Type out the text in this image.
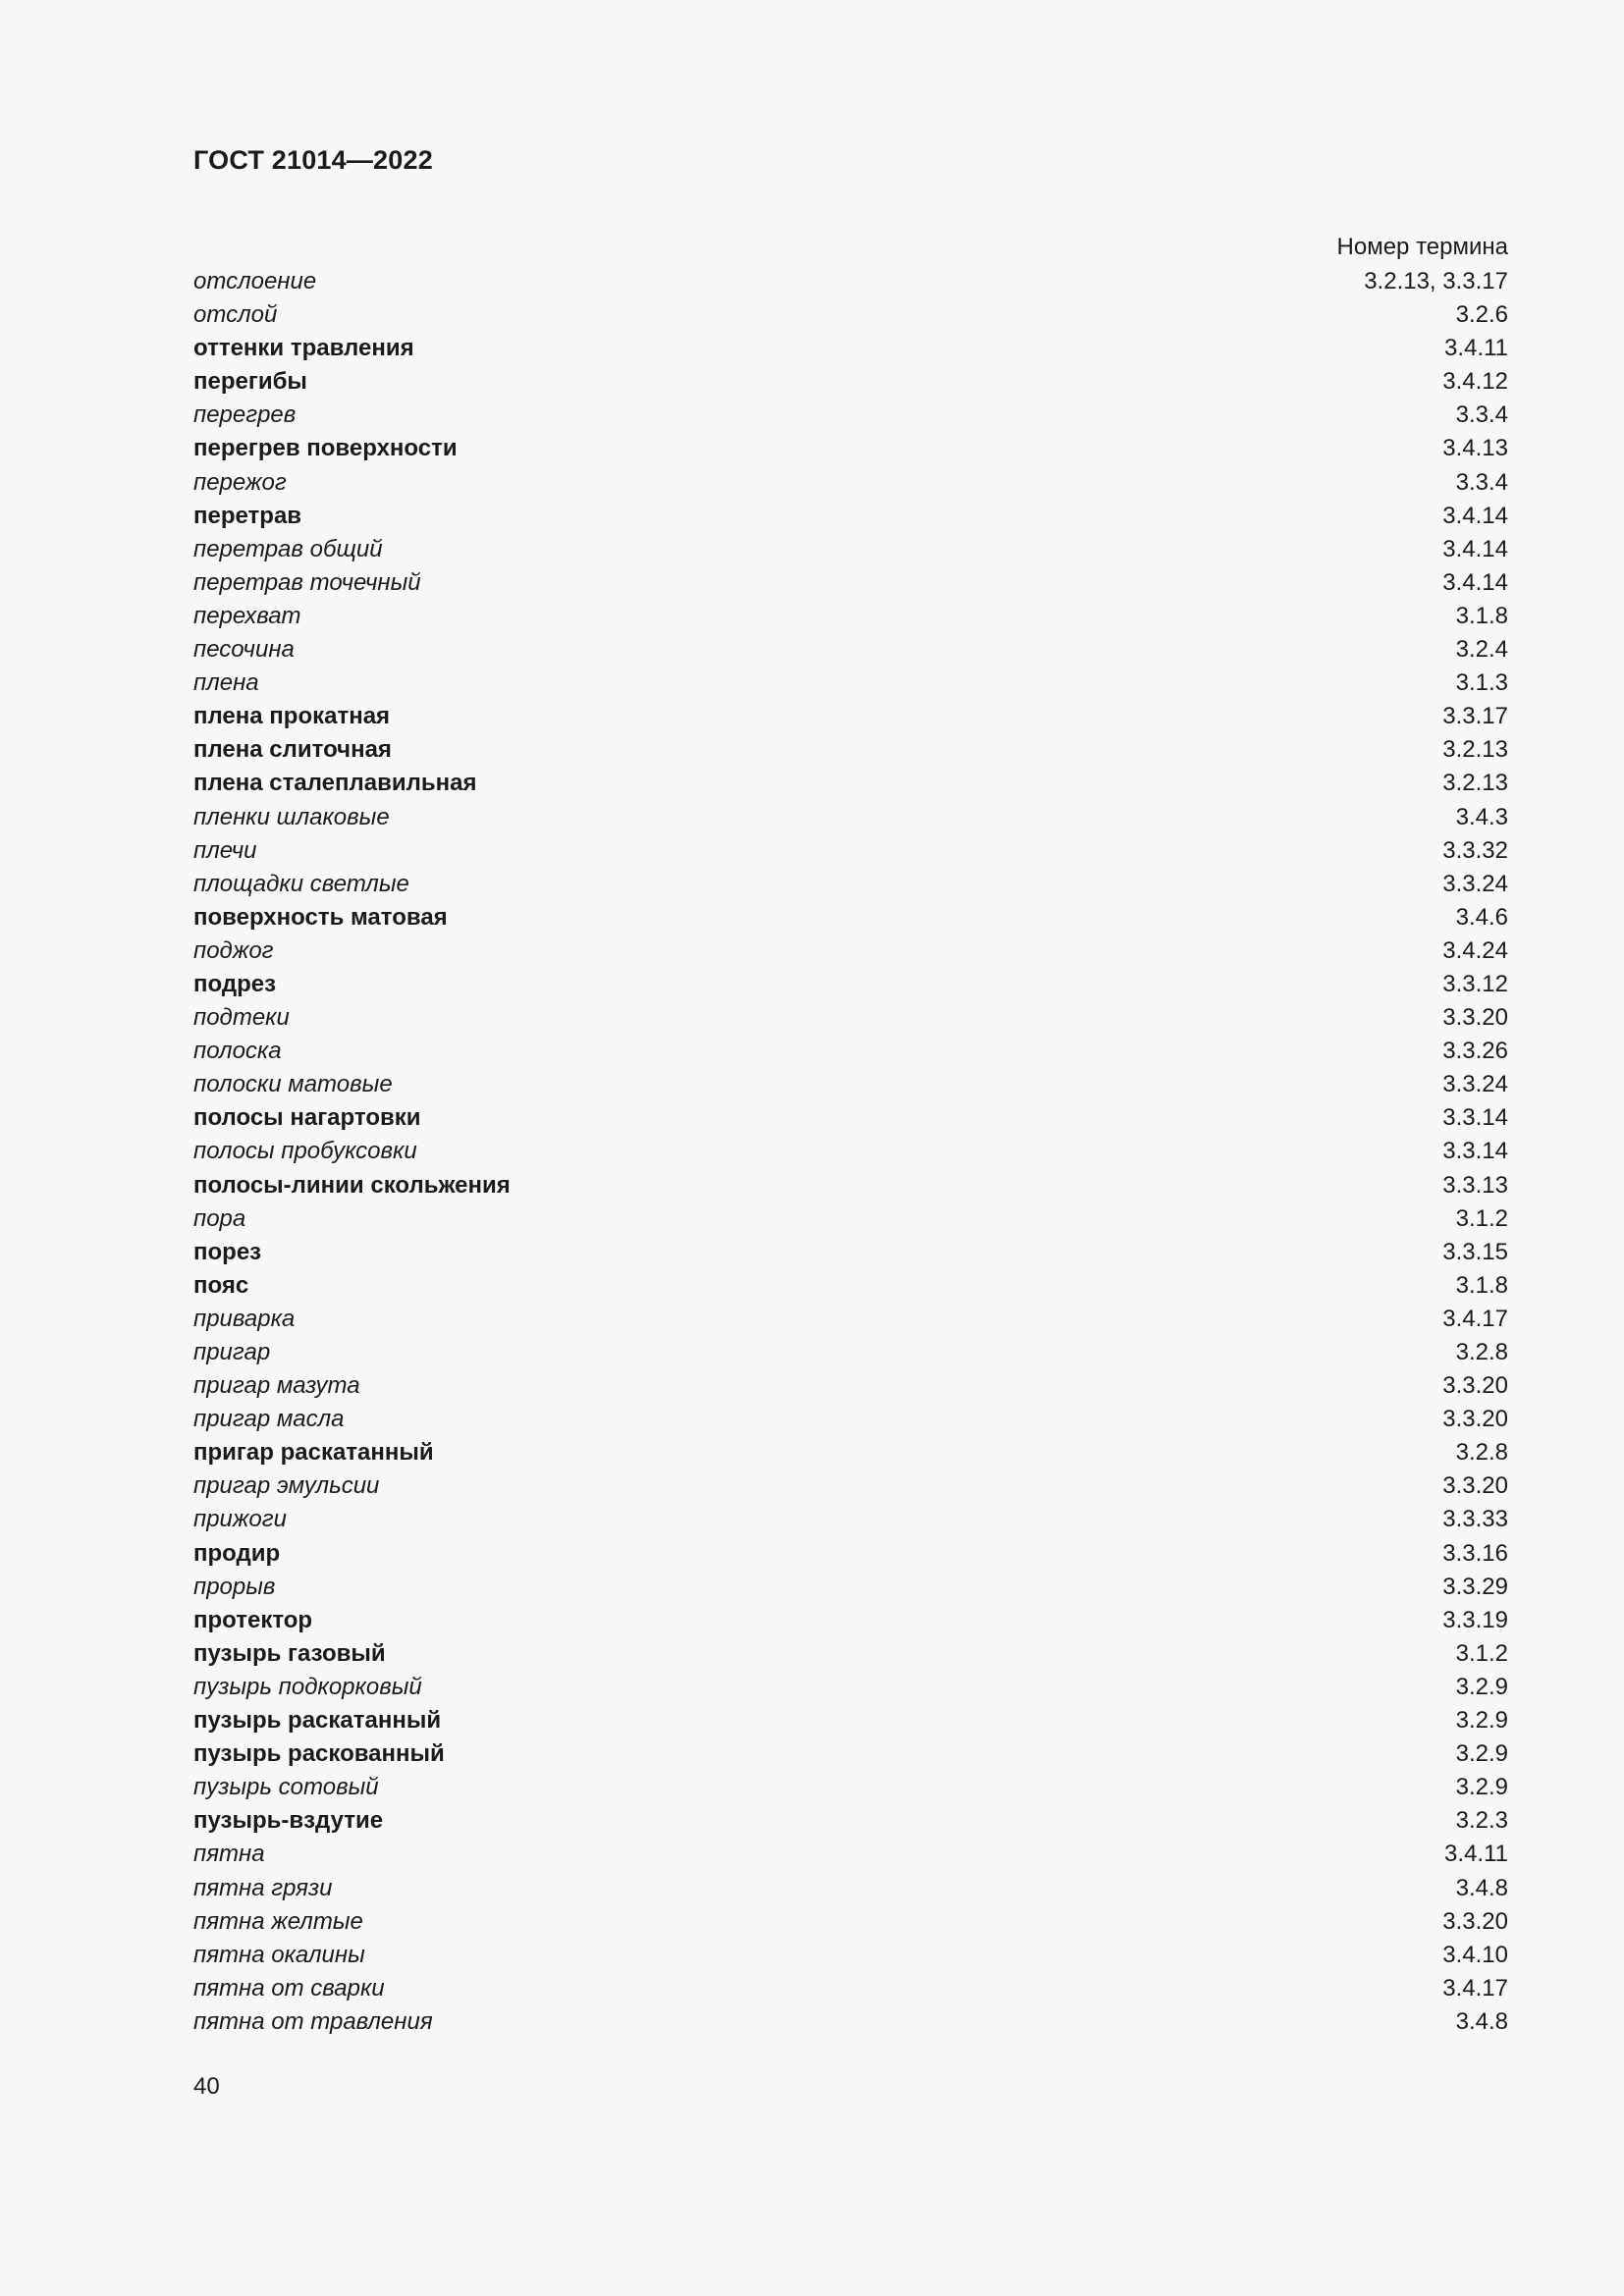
ГОСТ 21014—2022
Номер термина
отслоение	3.2.13, 3.3.17
отслой	3.2.6
оттенки травления	3.4.11
перегибы	3.4.12
перегрев	3.3.4
перегрев поверхности	3.4.13
пережог	3.3.4
перетрав	3.4.14
перетрав общий	3.4.14
перетрав точечный	3.4.14
перехват	3.1.8
песочина	3.2.4
плена	3.1.3
плена прокатная	3.3.17
плена слиточная	3.2.13
плена сталеплавильная	3.2.13
пленки шлаковые	3.4.3
плечи	3.3.32
площадки светлые	3.3.24
поверхность матовая	3.4.6
поджог	3.4.24
подрез	3.3.12
подтеки	3.3.20
полоска	3.3.26
полоски матовые	3.3.24
полосы нагартовки	3.3.14
полосы пробуксовки	3.3.14
полосы-линии скольжения	3.3.13
пора	3.1.2
порез	3.3.15
пояс	3.1.8
приварка	3.4.17
пригар	3.2.8
пригар мазута	3.3.20
пригар масла	3.3.20
пригар раскатанный	3.2.8
пригар эмульсии	3.3.20
прижоги	3.3.33
продир	3.3.16
прорыв	3.3.29
протектор	3.3.19
пузырь газовый	3.1.2
пузырь подкорковый	3.2.9
пузырь раскатанный	3.2.9
пузырь раскованный	3.2.9
пузырь сотовый	3.2.9
пузырь-вздутие	3.2.3
пятна	3.4.11
пятна грязи	3.4.8
пятна желтые	3.3.20
пятна окалины	3.4.10
пятна от сварки	3.4.17
пятна от травления	3.4.8
40
